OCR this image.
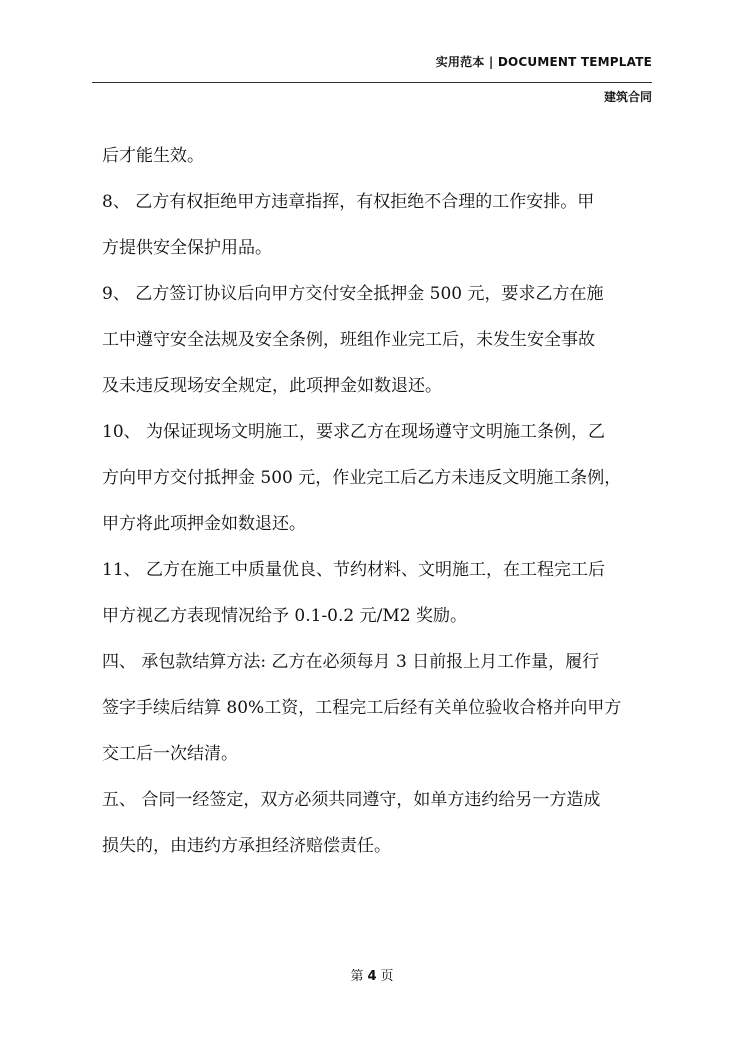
实用范本 | DOCUMENT TEMPLATE
建筑合同
后才能生效。
8、 乙方有权拒绝甲方违章指挥，有权拒绝不合理的工作安排。甲
方提供安全保护用品。
9、 乙方签订协议后向甲方交付安全抵押金 500 元，要求乙方在施
工中遵守安全法规及安全条例，班组作业完工后，未发生安全事故
及未违反现场安全规定，此项押金如数退还。
10、 为保证现场文明施工，要求乙方在现场遵守文明施工条例，乙
方向甲方交付抵押金 500 元，作业完工后乙方未违反文明施工条例，
甲方将此项押金如数退还。
11、 乙方在施工中质量优良、节约材料、文明施工，在工程完工后
甲方视乙方表现情况给予 0.1-0.2 元/M2 奖励。
四、 承包款结算方法: 乙方在必须每月 3 日前报上月工作量，履行
签字手续后结算 80%工资，工程完工后经有关单位验收合格并向甲方
交工后一次结清。
五、 合同一经签定，双方必须共同遵守，如单方违约给另一方造成
损失的，由违约方承担经济赔偿责任。
第 4 页
